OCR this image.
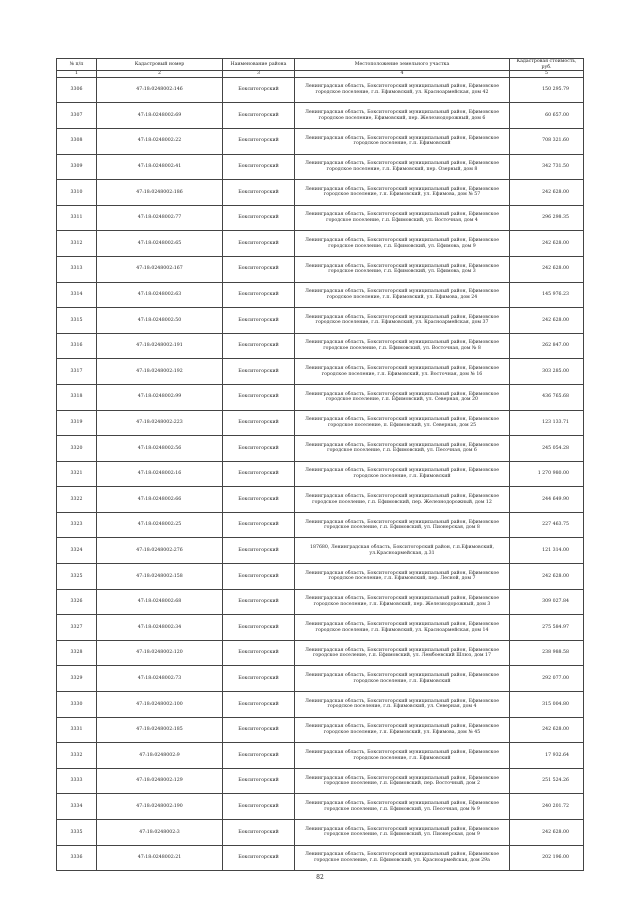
№ п/п	Кадастровый номер	Наименование района	Местоположение земельного участка	Кадастровая стоимость, руб.
1	2	3	4	5
3306	47:18:0248002:146	Бокситогорский	Ленинградская область, Бокситогорский муниципальный район, Ефимовское городское поселение, г.п. Ефимовский, ул. Красноармейская, дом 42	150 295.79
3307	47:18:0248002:69	Бокситогорский	Ленинградская область, Бокситогорский муниципальный район, Ефимовское городское поселение, Ефимовский, пер. Железнодорожный, дом 6	60 657.00
3308	47:18:0248002:22	Бокситогорский	Ленинградская область, Бокситогорский муниципальный район, Ефимовское городское поселение, г.п. Ефимовский	708 321.60
3309	47:18:0248002:41	Бокситогорский	Ленинградская область, Бокситогорский муниципальный район, Ефимовское городское поселение, г.п. Ефимовский, пер. Озерный, дом 8	342 731.50
3310	47:18:0248002:186	Бокситогорский	Ленинградская область, Бокситогорский муниципальный район, Ефимовское городское поселение, г.п. Ефимовский, ул. Ефимова, дом № 57	242 628.00
3311	47:18:0248002:77	Бокситогорский	Ленинградская область, Бокситогорский муниципальный район, Ефимовское городское поселение, г.п. Ефимовский, ул. Восточная, дом 4	296 298.35
3312	47:18:0248002:65	Бокситогорский	Ленинградская область, Бокситогорский муниципальный район, Ефимовское городское поселение, г.п. Ефимовский, ул. Ефимова, дом 9	242 628.00
3313	47:18:0248002:167	Бокситогорский	Ленинградская область, Бокситогорский муниципальный район, Ефимовское городское поселение, г.п. Ефимовский, ул. Ефимова, дом 3	242 628.00
3314	47:18:0248002:63	Бокситогорский	Ленинградская область, Бокситогорский муниципальный район, Ефимовское городское поселение, г.п. Ефимовский, ул. Ефимова, дом 24	145 976.23
3315	47:18:0248002:50	Бокситогорский	Ленинградская область, Бокситогорский муниципальный район, Ефимовское городское поселение, г.п. Ефимовский, ул. Красноармейская, дом 37	242 628.00
3316	47:18:0248002:191	Бокситогорский	Ленинградская область, Бокситогорский муниципальный район, Ефимовское городское поселение, г.п. Ефимовский, ул. Восточная, дом № 8	262 847.00
3317	47:18:0248002:192	Бокситогорский	Ленинградская область, Бокситогорский муниципальный район, Ефимовское городское поселение, г.п. Ефимовский, ул. Восточная, дом № 16	303 285.00
3318	47:18:0248002:99	Бокситогорский	Ленинградская область, Бокситогорский муниципальный район, Ефимовское городское поселение, г.п. Ефимовский, ул. Северная, дом 20	436 765.68
3319	47:18:0248002:223	Бокситогорский	Ленинградская область, Бокситогорский муниципальный район, Ефимовское городское поселение, п. Ефимовский, ул. Северная, дом 25	123 133.71
3320	47:18:0248002:56	Бокситогорский	Ленинградская область, Бокситогорский муниципальный район, Ефимовское городское поселение, г.п. Ефимовский, ул. Песочная, дом 6	245 054.28
3321	47:18:0248002:16	Бокситогорский	Ленинградская область, Бокситогорский муниципальный район, Ефимовское городское поселение, г.п. Ефимовский	1 270 980.00
3322	47:18:0248002:66	Бокситогорский	Ленинградская область, Бокситогорский муниципальный район, Ефимовское городское поселение, г.п. Ефимовский, пер. Железнодорожный, дом 12	244 649.90
3323	47:18:0248002:25	Бокситогорский	Ленинградская область, Бокситогорский муниципальный район, Ефимовское городское поселение, г.п. Ефимовский, ул. Пионерская, дом 8	227 463.75
3324	47:18:0248002:276	Бокситогорский	187680, Ленинградская область, Бокситогорский район, г.п.Ефимовский, ул.Красноармейская, д.31	121 314.00
3325	47:18:0248002:158	Бокситогорский	Ленинградская область, Бокситогорский муниципальный район, Ефимовское городское поселение, г.п. Ефимовский, пер. Лесной, дом 7	242 628.00
3326	47:18:0248002:68	Бокситогорский	Ленинградская область, Бокситогорский муниципальный район, Ефимовское городское поселение, г.п. Ефимовский, пер. Железнодорожный, дом 3	309 027.84
3327	47:18:0248002:34	Бокситогорский	Ленинградская область, Бокситогорский муниципальный район, Ефимовское городское поселение, г.п. Ефимовский, ул. Красноармейская, дом 14	275 584.97
3328	47:18:0248002:120	Бокситогорский	Ленинградская область, Бокситогорский муниципальный район, Ефимовское городское поселение, г.п. Ефимовский, ул. Лембоевский Шлюз, дом 17	238 988.58
3329	47:18:0248002:73	Бокситогорский	Ленинградская область, Бокситогорский муниципальный район, Ефимовское городское поселение, г.п. Ефимовский	292 077.00
3330	47:18:0248002:100	Бокситогорский	Ленинградская область, Бокситогорский муниципальный район, Ефимовское городское поселение, г.п. Ефимовский, ул. Северная, дом 4	315 004.80
3331	47:18:0248002:185	Бокситогорский	Ленинградская область, Бокситогорский муниципальный район, Ефимовское городское поселение, г.п. Ефимовский, ул. Ефимова, дом № 45	242 628.00
3332	47:18:0248002:9	Бокситогорский	Ленинградская область, Бокситогорский муниципальный район, Ефимовское городское поселение, г.п. Ефимовский	17 932.64
3333	47:18:0248002:129	Бокситогорский	Ленинградская область, Бокситогорский муниципальный район, Ефимовское городское поселение, г.п. Ефимовский, пер. Восточный, дом 2	251 524.26
3334	47:18:0248002:190	Бокситогорский	Ленинградская область, Бокситогорский муниципальный район, Ефимовское городское поселение, г.п. Ефимовский, ул. Песочная, дом № 9	240 201.72
3335	47:18:0248002:3	Бокситогорский	Ленинградская область, Бокситогорский муниципальный район, Ефимовское городское поселение, г.п. Ефимовский, ул. Пионерская, дом 9	242 628.00
3336	47:18:0248002:21	Бокситогорский	Ленинградская область, Бокситогорский муниципальный район, Ефимовское городское поселение, г.п. Ефимовский, ул. Красноармейская, дом 29а	202 196.00
82
